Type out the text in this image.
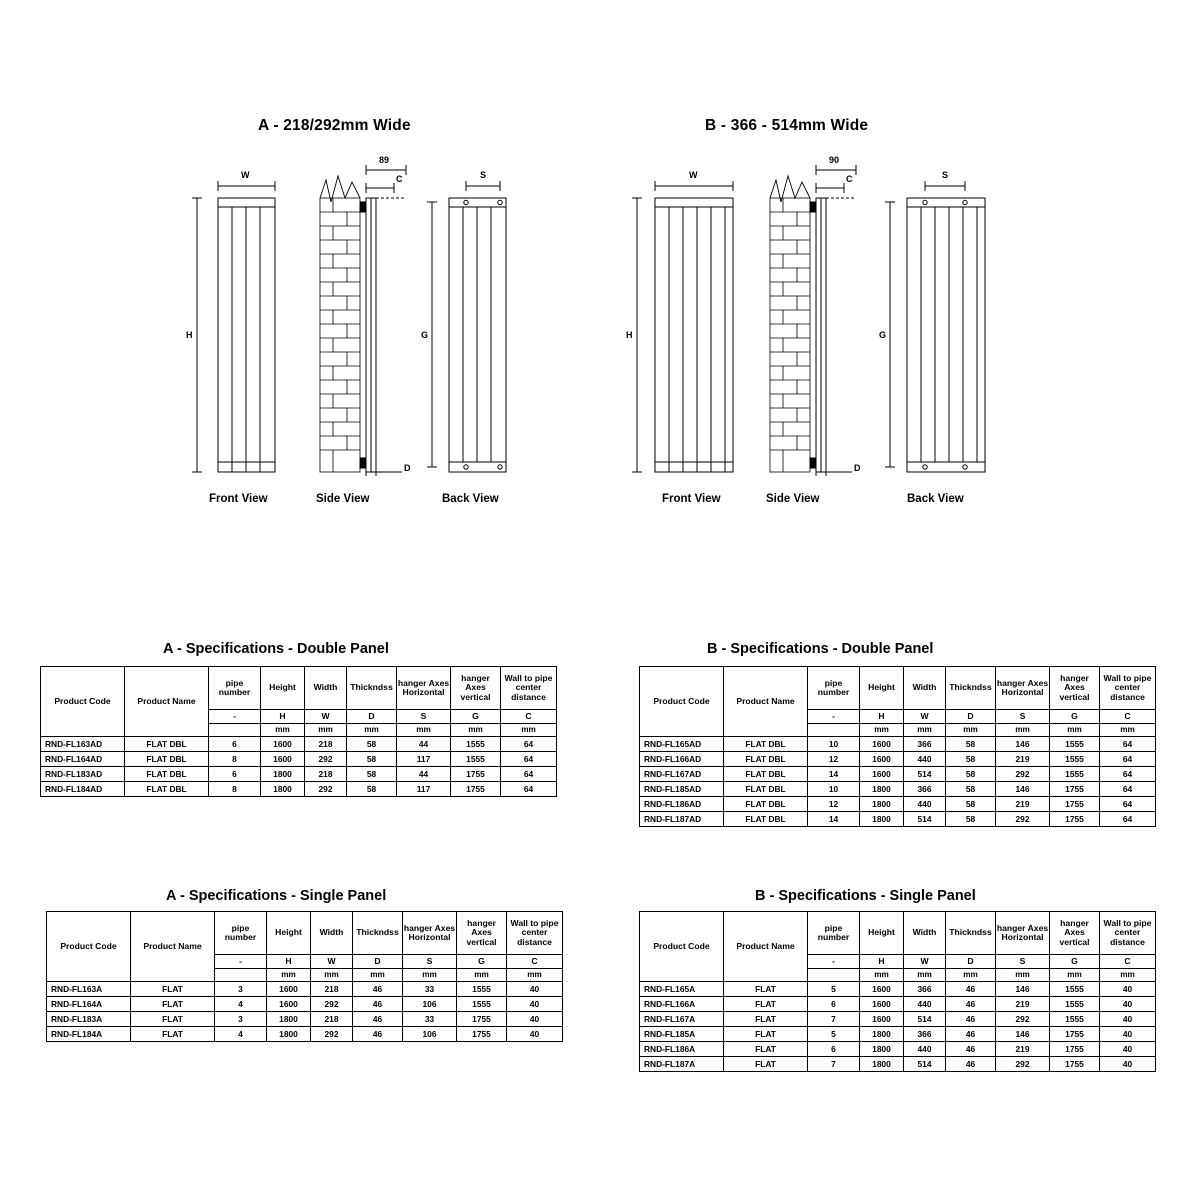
A - 218/292mm Wide	B - 366 - 514mm Wide
Front View	Side View	Back View
W
H
89
C
D
S
G
Front View	Side View	Back View
W
H
90
C
D
S
G
A - Specifications - Double Panel	B - Specifications - Double Panel
A - Specifications - Single Panel	B - Specifications - Single Panel
Product Code	Product Name	pipe number	Height	Width	Thickndss	hanger Axes Horizontal	hanger Axes vertical	Wall to pipe center distance
		-	H	W	D	S	G	C
			mm	mm	mm	mm	mm	mm
RND-FL163AD	FLAT DBL	6	1600	218	58	44	1555	64
RND-FL164AD	FLAT DBL	8	1600	292	58	117	1555	64
RND-FL183AD	FLAT DBL	6	1800	218	58	44	1755	64
RND-FL184AD	FLAT DBL	8	1800	292	58	117	1755	64
Product Code	Product Name	pipe number	Height	Width	Thickndss	hanger Axes Horizontal	hanger Axes vertical	Wall to pipe center distance
		-	H	W	D	S	G	C
			mm	mm	mm	mm	mm	mm
RND-FL165AD	FLAT DBL	10	1600	366	58	146	1555	64
RND-FL166AD	FLAT DBL	12	1600	440	58	219	1555	64
RND-FL167AD	FLAT DBL	14	1600	514	58	292	1555	64
RND-FL185AD	FLAT DBL	10	1800	366	58	146	1755	64
RND-FL186AD	FLAT DBL	12	1800	440	58	219	1755	64
RND-FL187AD	FLAT DBL	14	1800	514	58	292	1755	64
Product Code	Product Name	pipe number	Height	Width	Thickndss	hanger Axes Horizontal	hanger Axes vertical	Wall to pipe center distance
		-	H	W	D	S	G	C
			mm	mm	mm	mm	mm	mm
RND-FL163A	FLAT	3	1600	218	46	33	1555	40
RND-FL164A	FLAT	4	1600	292	46	106	1555	40
RND-FL183A	FLAT	3	1800	218	46	33	1755	40
RND-FL184A	FLAT	4	1800	292	46	106	1755	40
Product Code	Product Name	pipe number	Height	Width	Thickndss	hanger Axes Horizontal	hanger Axes vertical	Wall to pipe center distance
		-	H	W	D	S	G	C
			mm	mm	mm	mm	mm	mm
RND-FL165A	FLAT	5	1600	366	46	146	1555	40
RND-FL166A	FLAT	6	1600	440	46	219	1555	40
RND-FL167A	FLAT	7	1600	514	46	292	1555	40
RND-FL185A	FLAT	5	1800	366	46	146	1755	40
RND-FL186A	FLAT	6	1800	440	46	219	1755	40
RND-FL187A	FLAT	7	1800	514	46	292	1755	40
